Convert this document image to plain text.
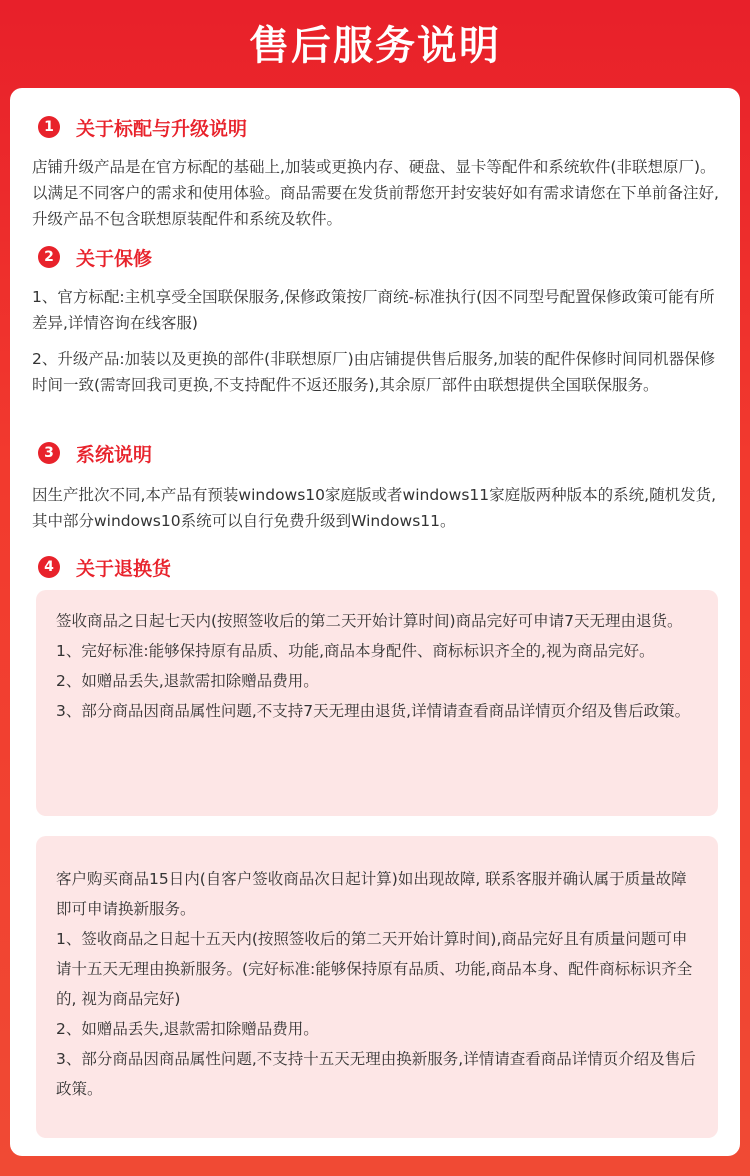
售后服务说明
1	关于标配与升级说明

店铺升级产品是在官方标配的基础上,加装或更换内存、硬盘、显卡等配件和系统软件(非联想原厂)。以满足不同客户的需求和使用体验。商品需要在发货前帮您开封安装好如有需求请您在下单前备注好,升级产品不包含联想原装配件和系统及软件。

2	关于保修

1、官方标配:主机享受全国联保服务,保修政策按厂商统-标准执行(因不同型号配置保修政策可能有所差异,详情咨询在线客服)

2、升级产品:加装以及更换的部件(非联想原厂)由店铺提供售后服务,加装的配件保修时间同机器保修时间一致(需寄回我司更换,不支持配件不返还服务),其余原厂部件由联想提供全国联保服务。

3	系统说明

因生产批次不同,本产品有预装windows10家庭版或者windows11家庭版两种版本的系统,随机发货,其中部分windows10系统可以自行免费升级到Windows11。

4	关于退换货

签收商品之日起七天内(按照签收后的第二天开始计算时间)商品完好可申请7天无理由退货。

1、完好标准:能够保持原有品质、功能,商品本身配件、商标标识齐全的,视为商品完好。

2、如赠品丢失,退款需扣除赠品费用。

3、部分商品因商品属性问题,不支持7天无理由退货,详情请查看商品详情页介绍及售后政策。

客户购买商品15日内(自客户签收商品次日起计算)如出现故障, 联系客服并确认属于质量故障即可申请换新服务。

1、签收商品之日起十五天内(按照签收后的第二天开始计算时间),商品完好且有质量问题可申请十五天无理由换新服务。(完好标准:能够保持原有品质、功能,商品本身、配件商标标识齐全的, 视为商品完好)

2、如赠品丢失,退款需扣除赠品费用。

3、部分商品因商品属性问题,不支持十五天无理由换新服务,详情请查看商品详情页介绍及售后政策。
